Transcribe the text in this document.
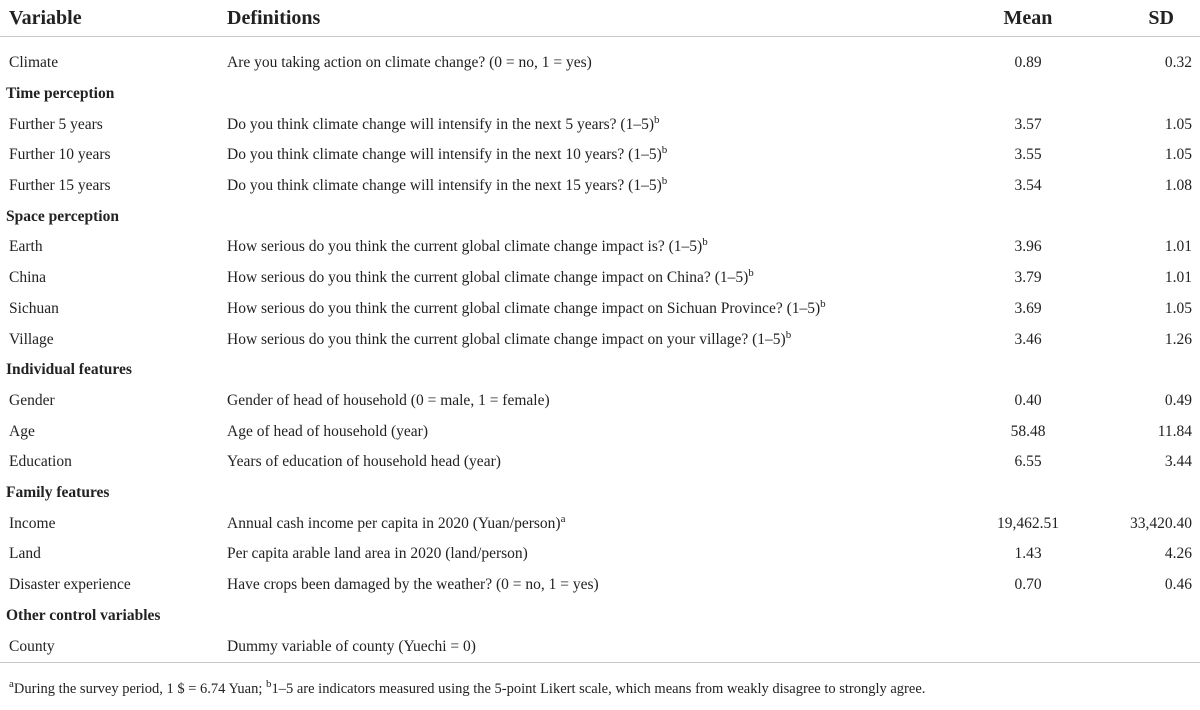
Variable	Definitions	Mean	SD

Climate	Are you taking action on climate change? (0 = no, 1 = yes)	0.89	0.32
Time perception			
Further 5 years	Do you think climate change will intensify in the next 5 years? $(1-5)^b$	3.57	1.05
Further 10 years	Do you think climate change will intensify in the next 10 years? $(1-5)^b$	3.55	1.05
Further 15 years	Do you think climate change will intensify in the next 15 years? $(1-5)^b$	3.54	1.08
Space perception			
Earth	How serious do you think the current global climate change impact is? $(1-5)^b$	3.96	1.01
China	How serious do you think the current global climate change impact on China? $(1-5)^b$	3.79	1.01
Sichuan	How serious do you think the current global climate change impact on Sichuan Province? $(1-5)^b$	3.69	1.05
Village	How serious do you think the current global climate change impact on your village? $(1-5)^b$	3.46	1.26
Individual features			
Gender	Gender of head of household (0 = male, 1 = female)	0.40	0.49
Age	Age of head of household (year)	58.48	11.84
Education	Years of education of household head (year)	6.55	3.44
Family features			
Income	Annual cash income per capita in 2020 (Yuan/person)$^a$	19,462.51	33,420.40
Land	Per capita arable land area in 2020 (land/person)	1.43	4.26
Disaster experience	Have crops been damaged by the weather? (0 = no, 1 = yes)	0.70	0.46
Other control variables			
County	Dummy variable of county (Yuechi = 0)		
$^a$During the survey period, 1 $ = 6.74 Yuan; $^b$1–5 are indicators measured using the 5-point Likert scale, which means from weakly disagree to strongly agree.
